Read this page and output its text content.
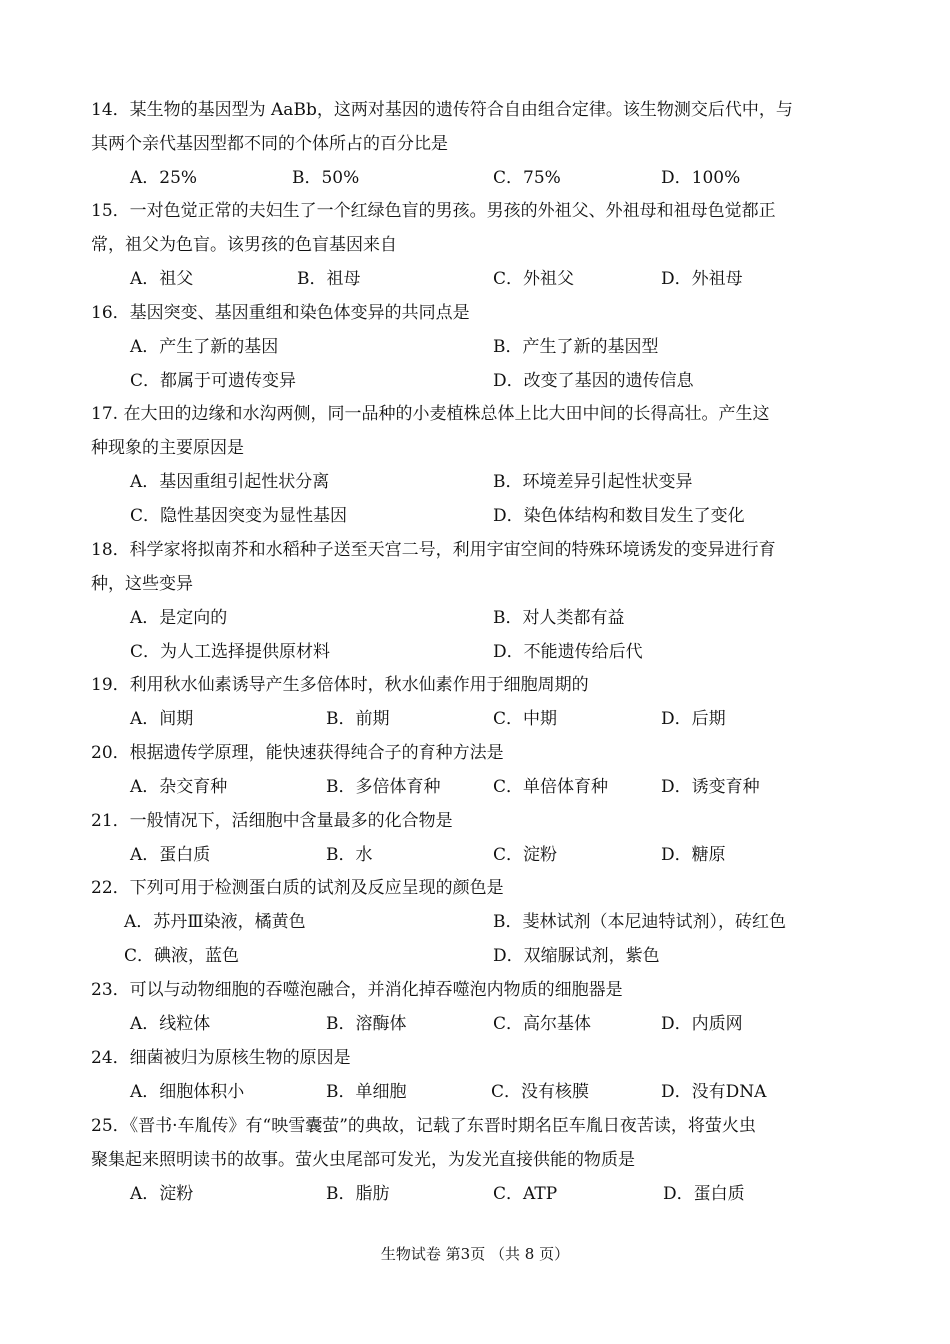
14．某生物的基因型为 AaBb，这两对基因的遗传符合自由组合定律。该生物测交后代中，与
其两个亲代基因型都不同的个体所占的百分比是
A．25%	B．50%	C．75%	D．100%
15．一对色觉正常的夫妇生了一个红绿色盲的男孩。男孩的外祖父、外祖母和祖母色觉都正
常，祖父为色盲。该男孩的色盲基因来自
A．祖父	B．祖母	C．外祖父	D．外祖母
16．基因突变、基因重组和染色体变异的共同点是
A．产生了新的基因	B．产生了新的基因型
C．都属于可遗传变异	D．改变了基因的遗传信息
17. 在大田的边缘和水沟两侧，同一品种的小麦植株总体上比大田中间的长得高壮。产生这
种现象的主要原因是
A．基因重组引起性状分离	B．环境差异引起性状变异
C．隐性基因突变为显性基因	D．染色体结构和数目发生了变化
18．科学家将拟南芥和水稻种子送至天宫二号，利用宇宙空间的特殊环境诱发的变异进行育
种，这些变异
A．是定向的	B．对人类都有益
C．为人工选择提供原材料	D．不能遗传给后代
19．利用秋水仙素诱导产生多倍体时，秋水仙素作用于细胞周期的
A．间期	B．前期	C．中期	D．后期
20．根据遗传学原理，能快速获得纯合子的育种方法是
A．杂交育种	B．多倍体育种	C．单倍体育种	D．诱变育种
21．一般情况下，活细胞中含量最多的化合物是
A．蛋白质	B．水	C．淀粉	D．糖原
22．下列可用于检测蛋白质的试剂及反应呈现的颜色是
A．苏丹Ⅲ染液，橘黄色	B．斐林试剂（本尼迪特试剂），砖红色
C．碘液，蓝色	D．双缩脲试剂，紫色
23．可以与动物细胞的吞噬泡融合，并消化掉吞噬泡内物质的细胞器是
A．线粒体	B．溶酶体	C．高尔基体	D．内质网
24．细菌被归为原核生物的原因是
A．细胞体积小	B．单细胞	C．没有核膜	D．没有DNA
25．《晋书·车胤传》有“映雪囊萤”的典故，记载了东晋时期名臣车胤日夜苦读，将萤火虫
聚集起来照明读书的故事。萤火虫尾部可发光，为发光直接供能的物质是
A．淀粉	B．脂肪	C．ATP	D．蛋白质
生物试卷 第3页 （共 8 页）
